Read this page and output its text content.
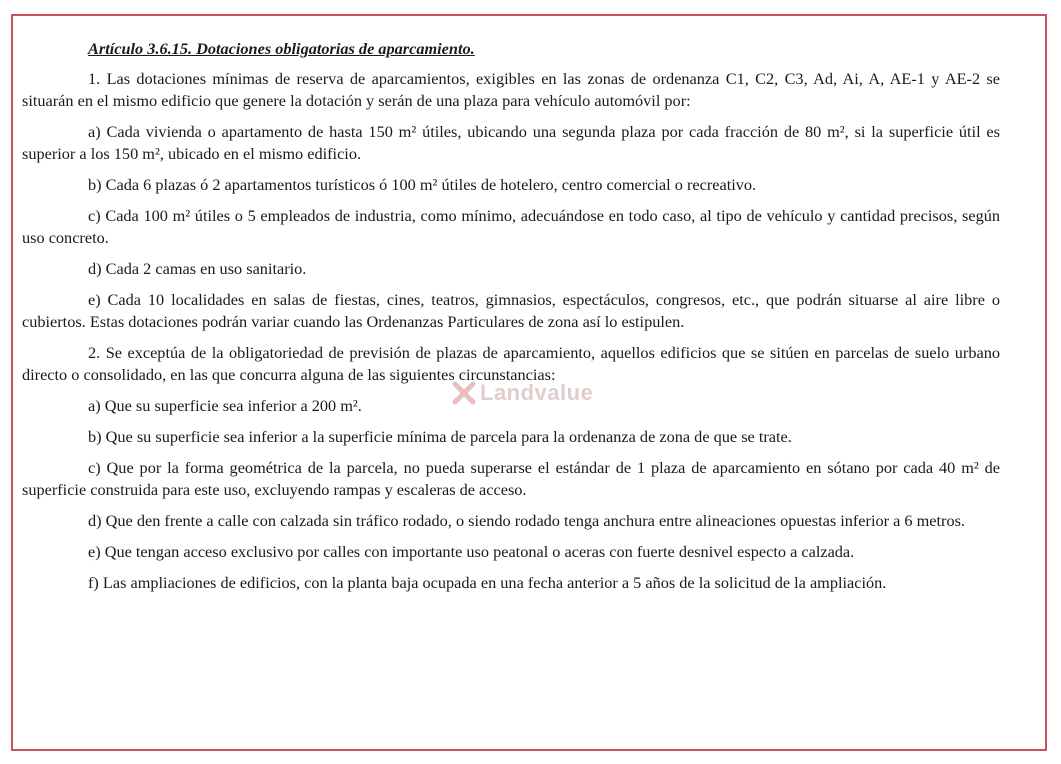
Artículo 3.6.15. Dotaciones obligatorias de aparcamiento.

1. Las dotaciones mínimas de reserva de aparcamientos, exigibles en las zonas de ordenanza C1, C2, C3, Ad, Ai, A, AE-1 y AE-2 se situarán en el mismo edificio que genere la dotación y serán de una plaza para vehículo automóvil por:

a) Cada vivienda o apartamento de hasta 150 m² útiles, ubicando una segunda plaza por cada fracción de 80 m², si la superficie útil es superior a los 150 m², ubicado en el mismo edificio.

b) Cada 6 plazas ó 2 apartamentos turísticos ó 100 m² útiles de hotelero, centro comercial o recreativo.

c) Cada 100 m² útiles o 5 empleados de industria, como mínimo, adecuándose en todo caso, al tipo de vehículo y cantidad precisos, según uso concreto.

d) Cada 2 camas en uso sanitario.

e) Cada 10 localidades en salas de fiestas, cines, teatros, gimnasios, espectáculos, congresos, etc., que podrán situarse al aire libre o cubiertos. Estas dotaciones podrán variar cuando las Ordenanzas Particulares de zona así lo estipulen.

2. Se exceptúa de la obligatoriedad de previsión de plazas de aparcamiento, aquellos edificios que se sitúen en parcelas de suelo urbano directo o consolidado, en las que concurra alguna de las siguientes circunstancias:

a) Que su superficie sea inferior a 200 m².

b) Que su superficie sea inferior a la superficie mínima de parcela para la ordenanza de zona de que se trate.

c) Que por la forma geométrica de la parcela, no pueda superarse el estándar de 1 plaza de aparcamiento en sótano por cada 40 m² de superficie construida para este uso, excluyendo rampas y escaleras de acceso.

d) Que den frente a calle con calzada sin tráfico rodado, o siendo rodado tenga anchura entre alineaciones opuestas inferior a 6 metros.

e) Que tengan acceso exclusivo por calles con importante uso peatonal o aceras con fuerte desnivel especto a calzada.

f) Las ampliaciones de edificios, con la planta baja ocupada en una fecha anterior a 5 años de la solicitud de la ampliación.

Landvalue
